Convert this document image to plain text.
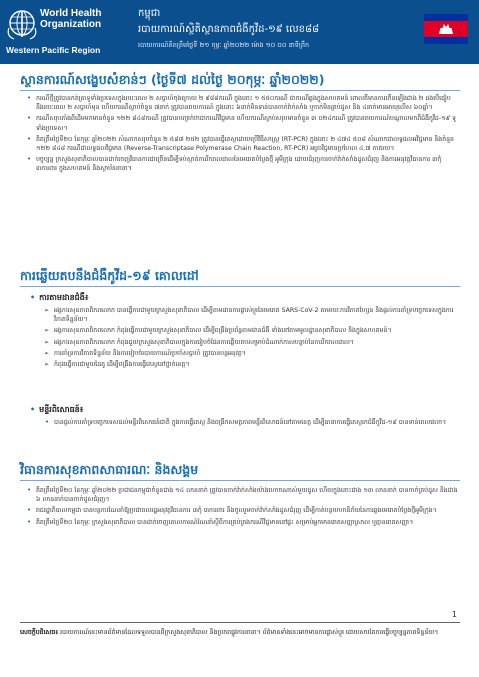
World Health
Organization
Western Pacific Region
កម្ពុជា
របាយការណ៍ស្ថិតិស្ថានភាពជំងឺកូវីដ-១៩ លេខ៨៨
របាយការណ៍គិតត្រឹមថ្ងៃទី ២១ កុម្ភៈ ឆ្នាំ២០២២ ម៉ោង ១០ ០០ នាទីព្រឹក
ស្ថានការណ៍សង្ខេបសំខាន់ៗ (ថ្ងៃទី៧ ដល់ថ្ងៃ ២០កុម្ភៈ ឆ្នាំ២០២២)
• ករណីថ្មីត្រូវបានកត់ត្រាទូទាំងប្រទេសក្នុងរយៈពេល ២ សប្តាហ៍ចុងក្រោយ ២ ៩៨៨ករណី ក្នុងនោះ ១ ៥៥០ករណី ជាករណីឆ្លងក្នុងសហគមន៍ ពោលគឺមានការកើនឡើងជាង ២ ដងបើធៀបនឹងរយៈពេល ២ សប្តាហ៍មុន ហើយករណីស្លាប់ចំនួន ៧នាក់ ត្រូវបានរាយការណ៍ ក្នុងនោះ ៦នាក់មិនទាន់បានចាក់វ៉ាក់សាំង ឬចាក់មិនគ្រប់ដូស និង ៤នាក់មានអាយុលើស ៦០ឆ្នាំ។
• ករណីសរុបតាំងពីដើមមកមានចំនួន ១២២ ៨៤៨ករណី ត្រូវបានបញ្ជាក់ថាជាករណីវិជ្ជមាន ហើយករណីស្លាប់សរុបមានចំនួន ៣ ០២៤ករណី ត្រូវបានរាយការណ៍បណ្តាលមកពីជំងឺកូវីដ-១៩ ទូទាំងប្រទេស។
• គិតត្រឹមថ្ងៃទី២០ ខែកុម្ភៈ ឆ្នាំ២០២២ សំណាកសរុបចំនួន ២ ៥៨៧ ២៥២ ត្រូវបានធ្វើតេស្តដោយប្រើវិធីសាស្ត្រ (RT-PCR) ក្នុងនោះ ២ ៤៧៤ ៥០៨ សំណាកជាលទ្ធផលអវិជ្ជមាន និងចំនួន ១២២ ៨៤៨ ករណីជាលទ្ធផលវិជ្ជមាន (Reverse-Transcriptase Polymerase Chain Reaction, RT-PCR) អត្រាវិជ្ជមានប្រហែល ៤.៧ ភាគរយ។
• បច្ចុប្បន្ន ក្រសួងសុខាភិបាលបានដាក់ចេញវិធានការជាច្រើនដើម្បីទប់ស្កាត់ការរីករាលដាលនៃមេរោគបំប្លែងថ្មី អូមីក្រុង ដោយជំរុញការចាក់វ៉ាក់សាំងដូសជំរុញ និងការអនុវត្តវិធានការ ៣កុំ ៣ការពារ ក្នុងសហគមន៍ និងស្ថាប័ននានា។
ការឆ្លើយតបនឹងជំងឺកូវីដ-១៩ គោលដៅ
• ការតាមដានជំងឺ៖
➢ អង្គការសុខភាពពិភពលោក បានធ្វើការជាមួយក្រសួងសុខាភិបាល ដើម្បីតាមដានការផ្លាស់ប្តូរនៃមេរោគ SARS-CoV-2 តាមរយៈការវិភាគហ្សែន និងផ្តល់ការគាំទ្របច្ចេកទេសក្នុងការវិភាគទិន្នន័យ។
➢ អង្គការសុខភាពពិភពលោក កំពុងធ្វើការជាមួយក្រសួងសុខាភិបាល ដើម្បីពង្រឹងប្រព័ន្ធតាមដានជំងឺ ទាំងនៅតាមមូលដ្ឋានសុខាភិបាល និងក្នុងសហគមន៍។
➢ អង្គការសុខភាពពិភពលោក កំពុងជួយក្រសួងសុខាភិបាលក្នុងការរៀបចំផែនការឆ្លើយតបសម្រាប់ដំណាក់កាលបន្ទាប់នៃការរីករាលដាល។
➢ ការគាំទ្រការវិភាគទិន្នន័យ និងការរៀបចំរបាយការណ៍ប្រចាំសប្តាហ៍ ត្រូវបានបន្តអនុវត្ត។
➢ កំពុងធ្វើការជាមួយដៃគូ ដើម្បីពង្រឹងការធ្វើតេស្តនៅថ្នាក់ខេត្ត។
• មន្ទីរពិសោធន៍៖
• បានផ្តល់ការគាំទ្របច្ចេកទេសដល់មន្ទីរពិសោធន៍ជាតិ ក្នុងការធ្វើតេស្ត និងពង្រីកសមត្ថភាពមន្ទីរពិសោធន៍នៅតាមខេត្ត ដើម្បីធានាការធ្វើតេស្តរកជំងឺកូវីដ-១៩ បានទាន់ពេលវេលា។
វិធានការសុខភាពសាធារណៈ និងសង្គម
• គិតត្រឹមថ្ងៃទី២០ ខែកុម្ភៈ ឆ្នាំ២០២២ ប្រជាជនកម្ពុជាចំនួនជាង ១៤ លាននាក់ ត្រូវបានចាក់វ៉ាក់សាំងយ៉ាងហោចណាស់មួយដូស ហើយក្នុងនោះជាង ១៣ លាននាក់ បានចាក់គ្រប់ដូស និងជាង ៦ លាននាក់បានចាក់ដូសជំរុញ។
• រាជរដ្ឋាភិបាលកម្ពុជា បានបន្តការណែនាំឱ្យប្រជាពលរដ្ឋអនុវត្តវិធានការ ៣កុំ ៣ការពារ និងចូលរួមចាក់វ៉ាក់សាំងដូសជំរុញ ដើម្បីកាត់បន្ថយហានិភ័យនៃការឆ្លងមេរោគបំប្លែងថ្មីអូមីក្រុង។
• គិតត្រឹមថ្ងៃទី២០ ខែកុម្ភៈ ក្រសួងសុខាភិបាល បានដាក់ចេញគោលការណ៍ណែនាំស្តីពីការគ្រប់គ្រងករណីវិជ្ជមាននៅផ្ទះ សម្រាប់អ្នកមានរោគសញ្ញាស្រាល ឬគ្មានរោគសញ្ញា។
1
សេចក្តីបដិសេធ៖ របាយការណ៍នេះមានព័ត៌មានដែលទទួលបានពីក្រសួងសុខាភិបាល និងប្រភពផ្លូវការនានា។ ព័ត៌មានទាំងនេះអាចមានការផ្លាស់ប្តូរ ដោយសារតែការធ្វើបច្ចុប្បន្នភាពទិន្នន័យ។
